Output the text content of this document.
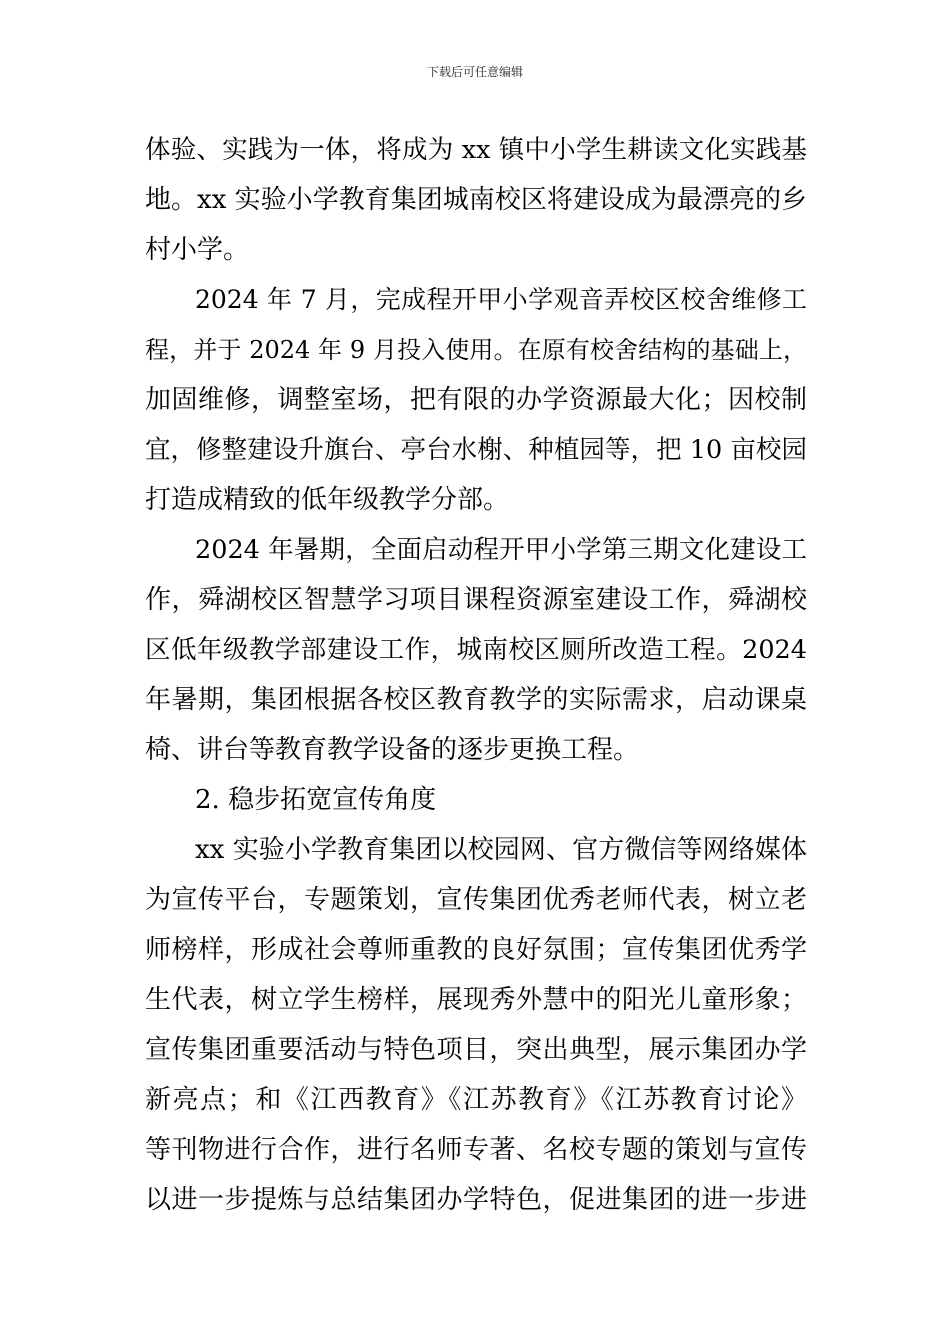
下载后可任意编辑
体验、实践为一体，将成为 xx 镇中小学生耕读文化实践基
地。xx 实验小学教育集团城南校区将建设成为最漂亮的乡
村小学。
2024 年 7 月，完成程开甲小学观音弄校区校舍维修工
程，并于 2024 年 9 月投入使用。在原有校舍结构的基础上，
加固维修，调整室场，把有限的办学资源最大化；因校制
宜，修整建设升旗台、亭台水榭、种植园等，把 10 亩校园
打造成精致的低年级教学分部。
2024 年暑期，全面启动程开甲小学第三期文化建设工
作，舜湖校区智慧学习项目课程资源室建设工作，舜湖校
区低年级教学部建设工作，城南校区厕所改造工程。2024
年暑期，集团根据各校区教育教学的实际需求，启动课桌
椅、讲台等教育教学设备的逐步更换工程。
2. 稳步拓宽宣传角度
xx 实验小学教育集团以校园网、官方微信等网络媒体
为宣传平台，专题策划，宣传集团优秀老师代表，树立老
师榜样，形成社会尊师重教的良好氛围；宣传集团优秀学
生代表，树立学生榜样，展现秀外慧中的阳光儿童形象；
宣传集团重要活动与特色项目，突出典型，展示集团办学
新亮点；和《江西教育》《江苏教育》《江苏教育讨论》
等刊物进行合作，进行名师专著、名校专题的策划与宣传
以进一步提炼与总结集团办学特色，促进集团的进一步进
